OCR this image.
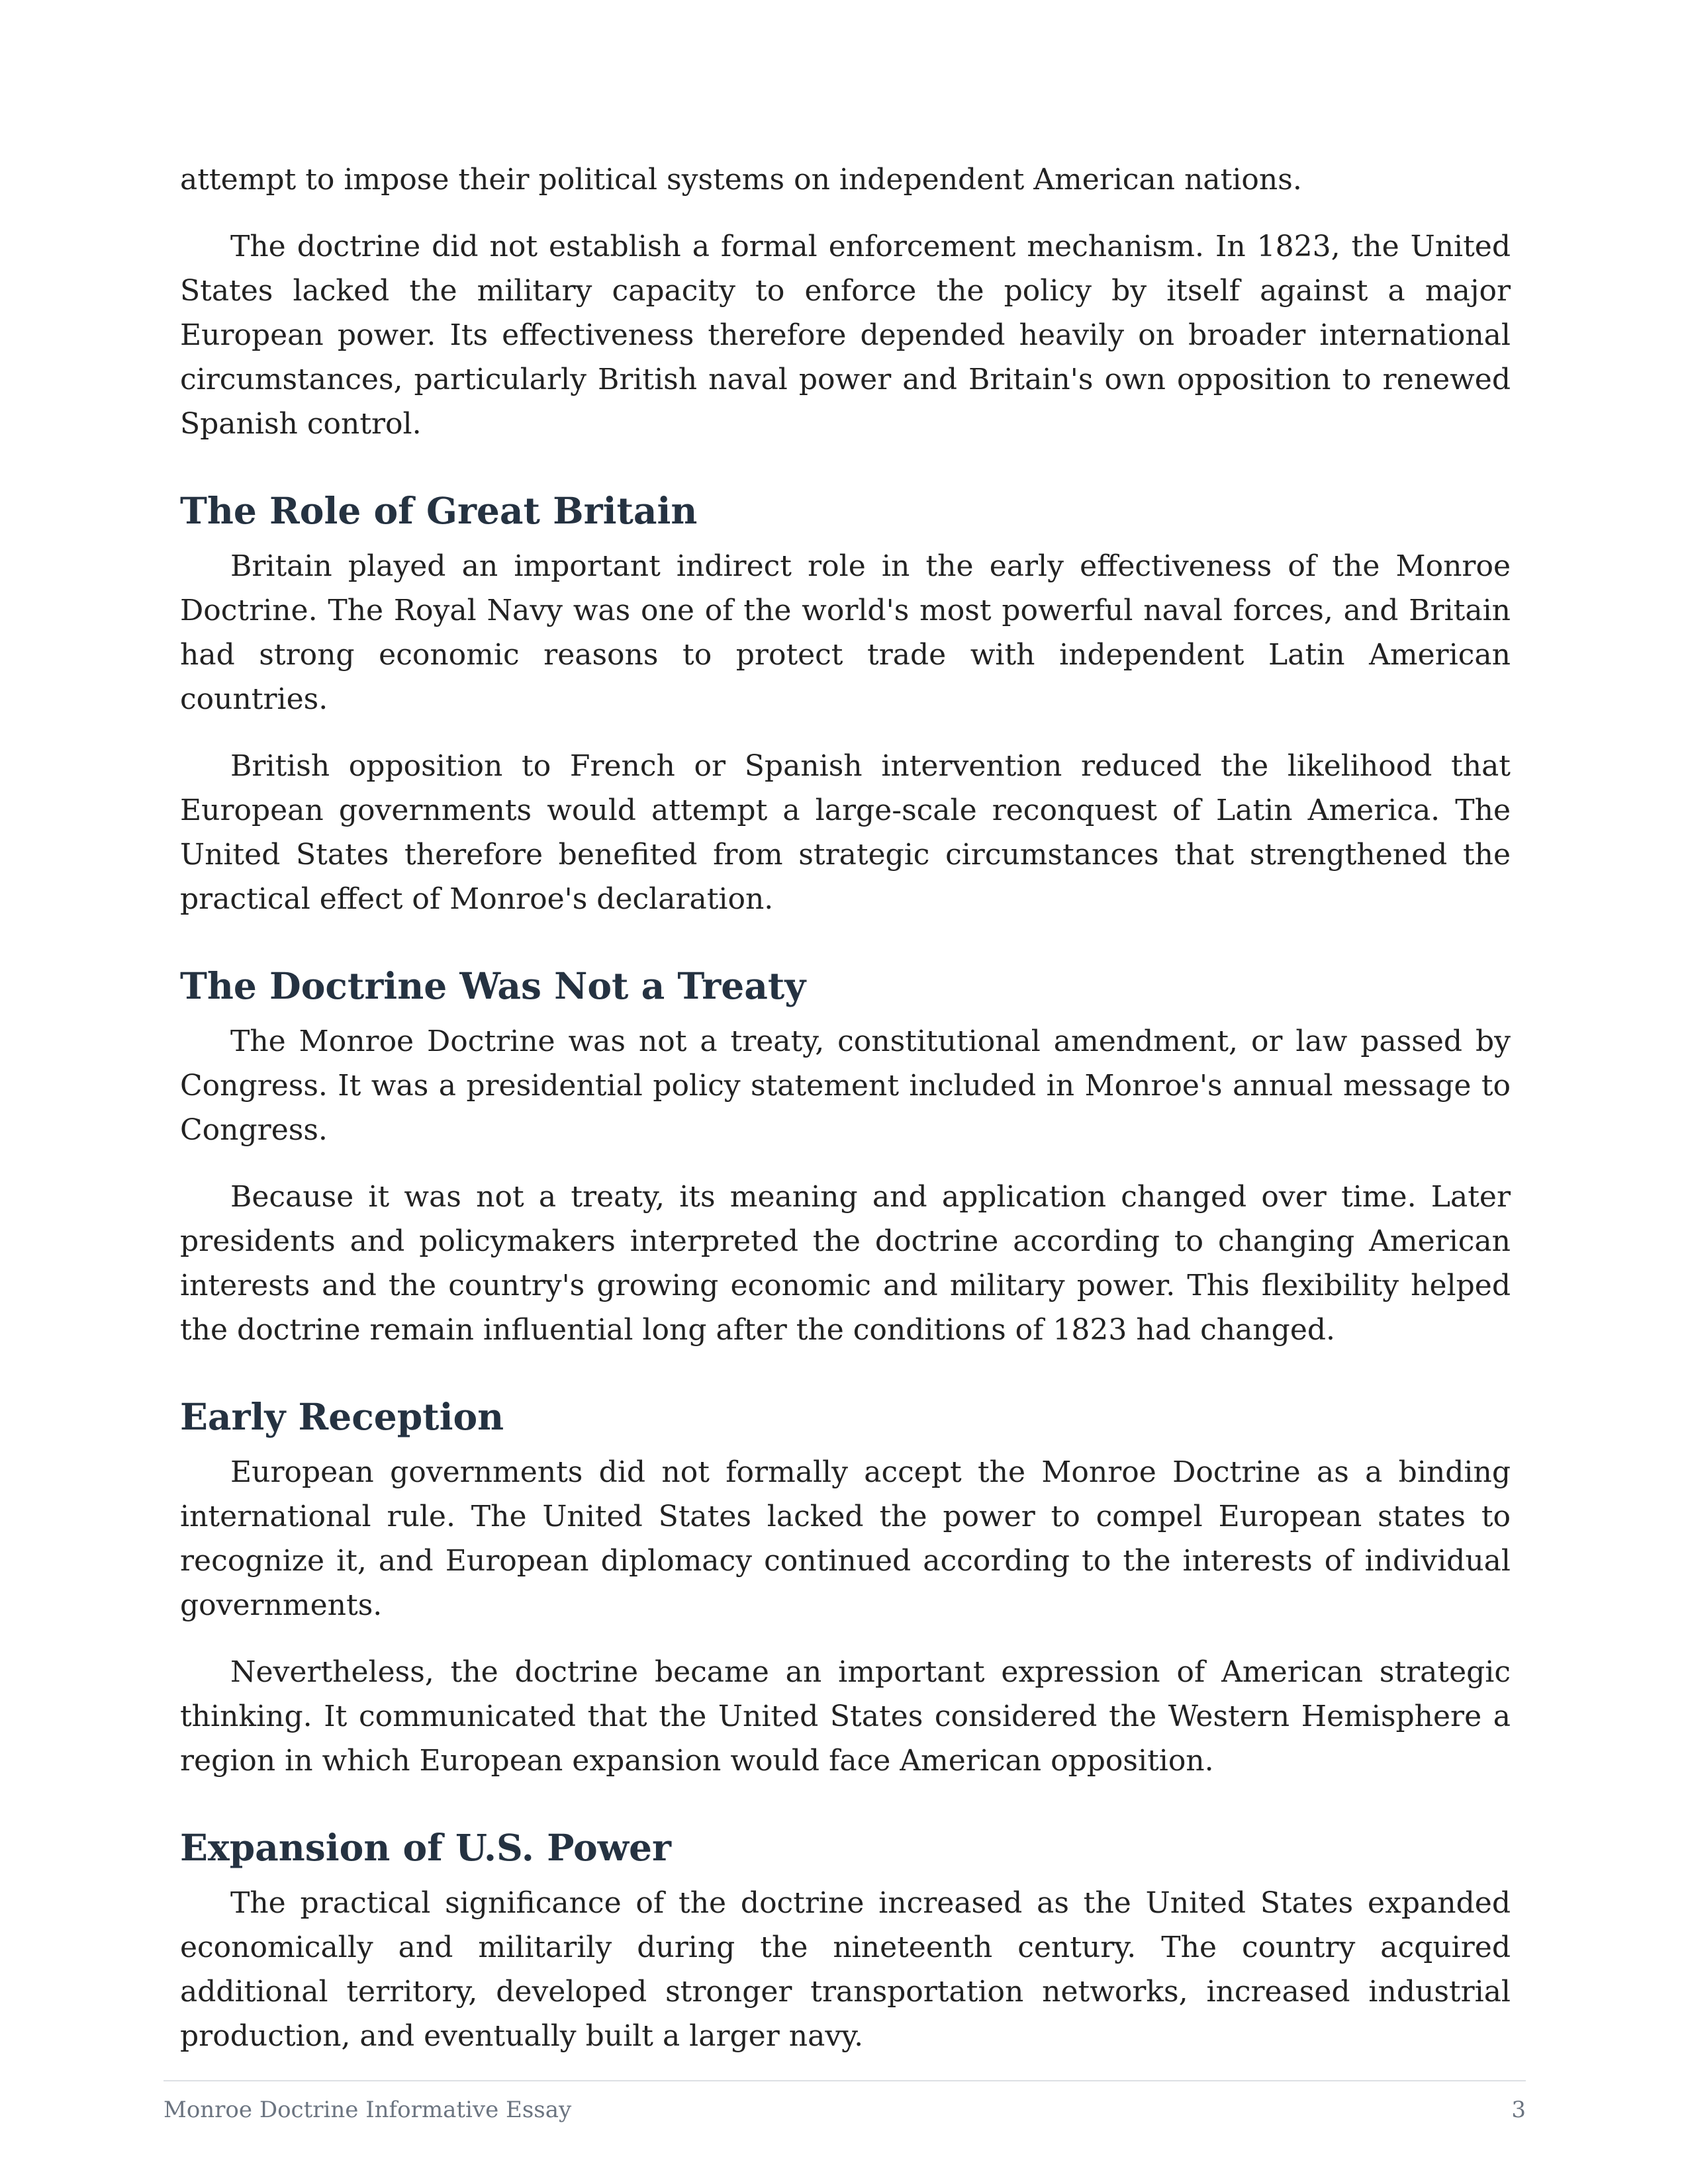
attempt to impose their political systems on independent American nations.

The doctrine did not establish a formal enforcement mechanism. In 1823, the United States lacked the military capacity to enforce the policy by itself against a major European power. Its effectiveness therefore depended heavily on broader international circumstances, particularly British naval power and Britain's own opposition to renewed Spanish control.

The Role of Great Britain

Britain played an important indirect role in the early effectiveness of the Monroe Doctrine. The Royal Navy was one of the world's most powerful naval forces, and Britain had strong economic reasons to protect trade with independent Latin American countries.

British opposition to French or Spanish intervention reduced the likelihood that European governments would attempt a large-scale reconquest of Latin America. The United States therefore benefited from strategic circumstances that strengthened the practical effect of Monroe's declaration.

The Doctrine Was Not a Treaty

The Monroe Doctrine was not a treaty, constitutional amendment, or law passed by Congress. It was a presidential policy statement included in Monroe's annual message to Congress.

Because it was not a treaty, its meaning and application changed over time. Later presidents and policymakers interpreted the doctrine according to changing American interests and the country's growing economic and military power. This flexibility helped the doctrine remain influential long after the conditions of 1823 had changed.

Early Reception

European governments did not formally accept the Monroe Doctrine as a binding international rule. The United States lacked the power to compel European states to recognize it, and European diplomacy continued according to the interests of individual governments.

Nevertheless, the doctrine became an important expression of American strategic thinking. It communicated that the United States considered the Western Hemisphere a region in which European expansion would face American opposition.

Expansion of U.S. Power

The practical significance of the doctrine increased as the United States expanded economically and militarily during the nineteenth century. The country acquired additional territory, developed stronger transportation networks, increased industrial production, and eventually built a larger navy.

Monroe Doctrine Informative Essay	3
